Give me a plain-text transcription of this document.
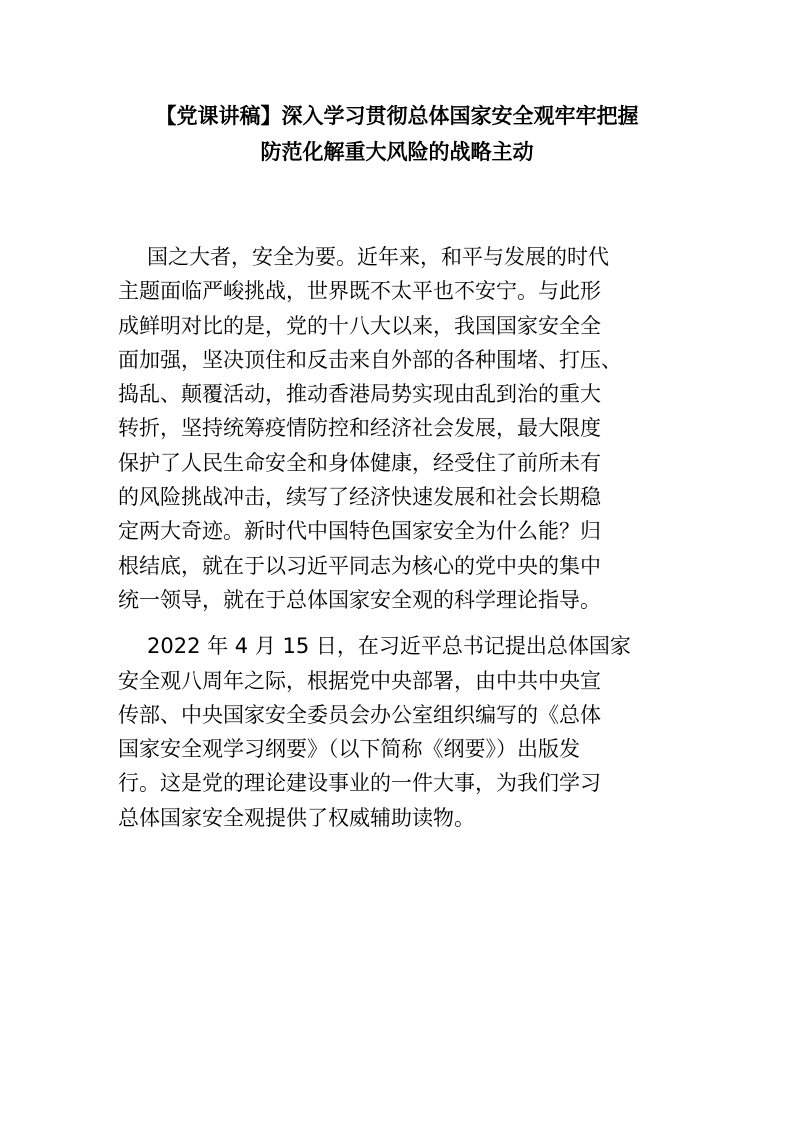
【党课讲稿】深入学习贯彻总体国家安全观牢牢把握
防范化解重大风险的战略主动
国之大者，安全为要。近年来，和平与发展的时代
主题面临严峻挑战，世界既不太平也不安宁。与此形
成鲜明对比的是，党的十八大以来，我国国家安全全
面加强，坚决顶住和反击来自外部的各种围堵、打压、
捣乱、颠覆活动，推动香港局势实现由乱到治的重大
转折，坚持统筹疫情防控和经济社会发展，最大限度
保护了人民生命安全和身体健康，经受住了前所未有
的风险挑战冲击，续写了经济快速发展和社会长期稳
定两大奇迹。新时代中国特色国家安全为什么能？归
根结底，就在于以习近平同志为核心的党中央的集中
统一领导，就在于总体国家安全观的科学理论指导。
2022 年 4 月 15 日，在习近平总书记提出总体国家
安全观八周年之际，根据党中央部署，由中共中央宣
传部、中央国家安全委员会办公室组织编写的《总体
国家安全观学习纲要》（以下简称《纲要》）出版发
行。这是党的理论建设事业的一件大事，为我们学习
总体国家安全观提供了权威辅助读物。
